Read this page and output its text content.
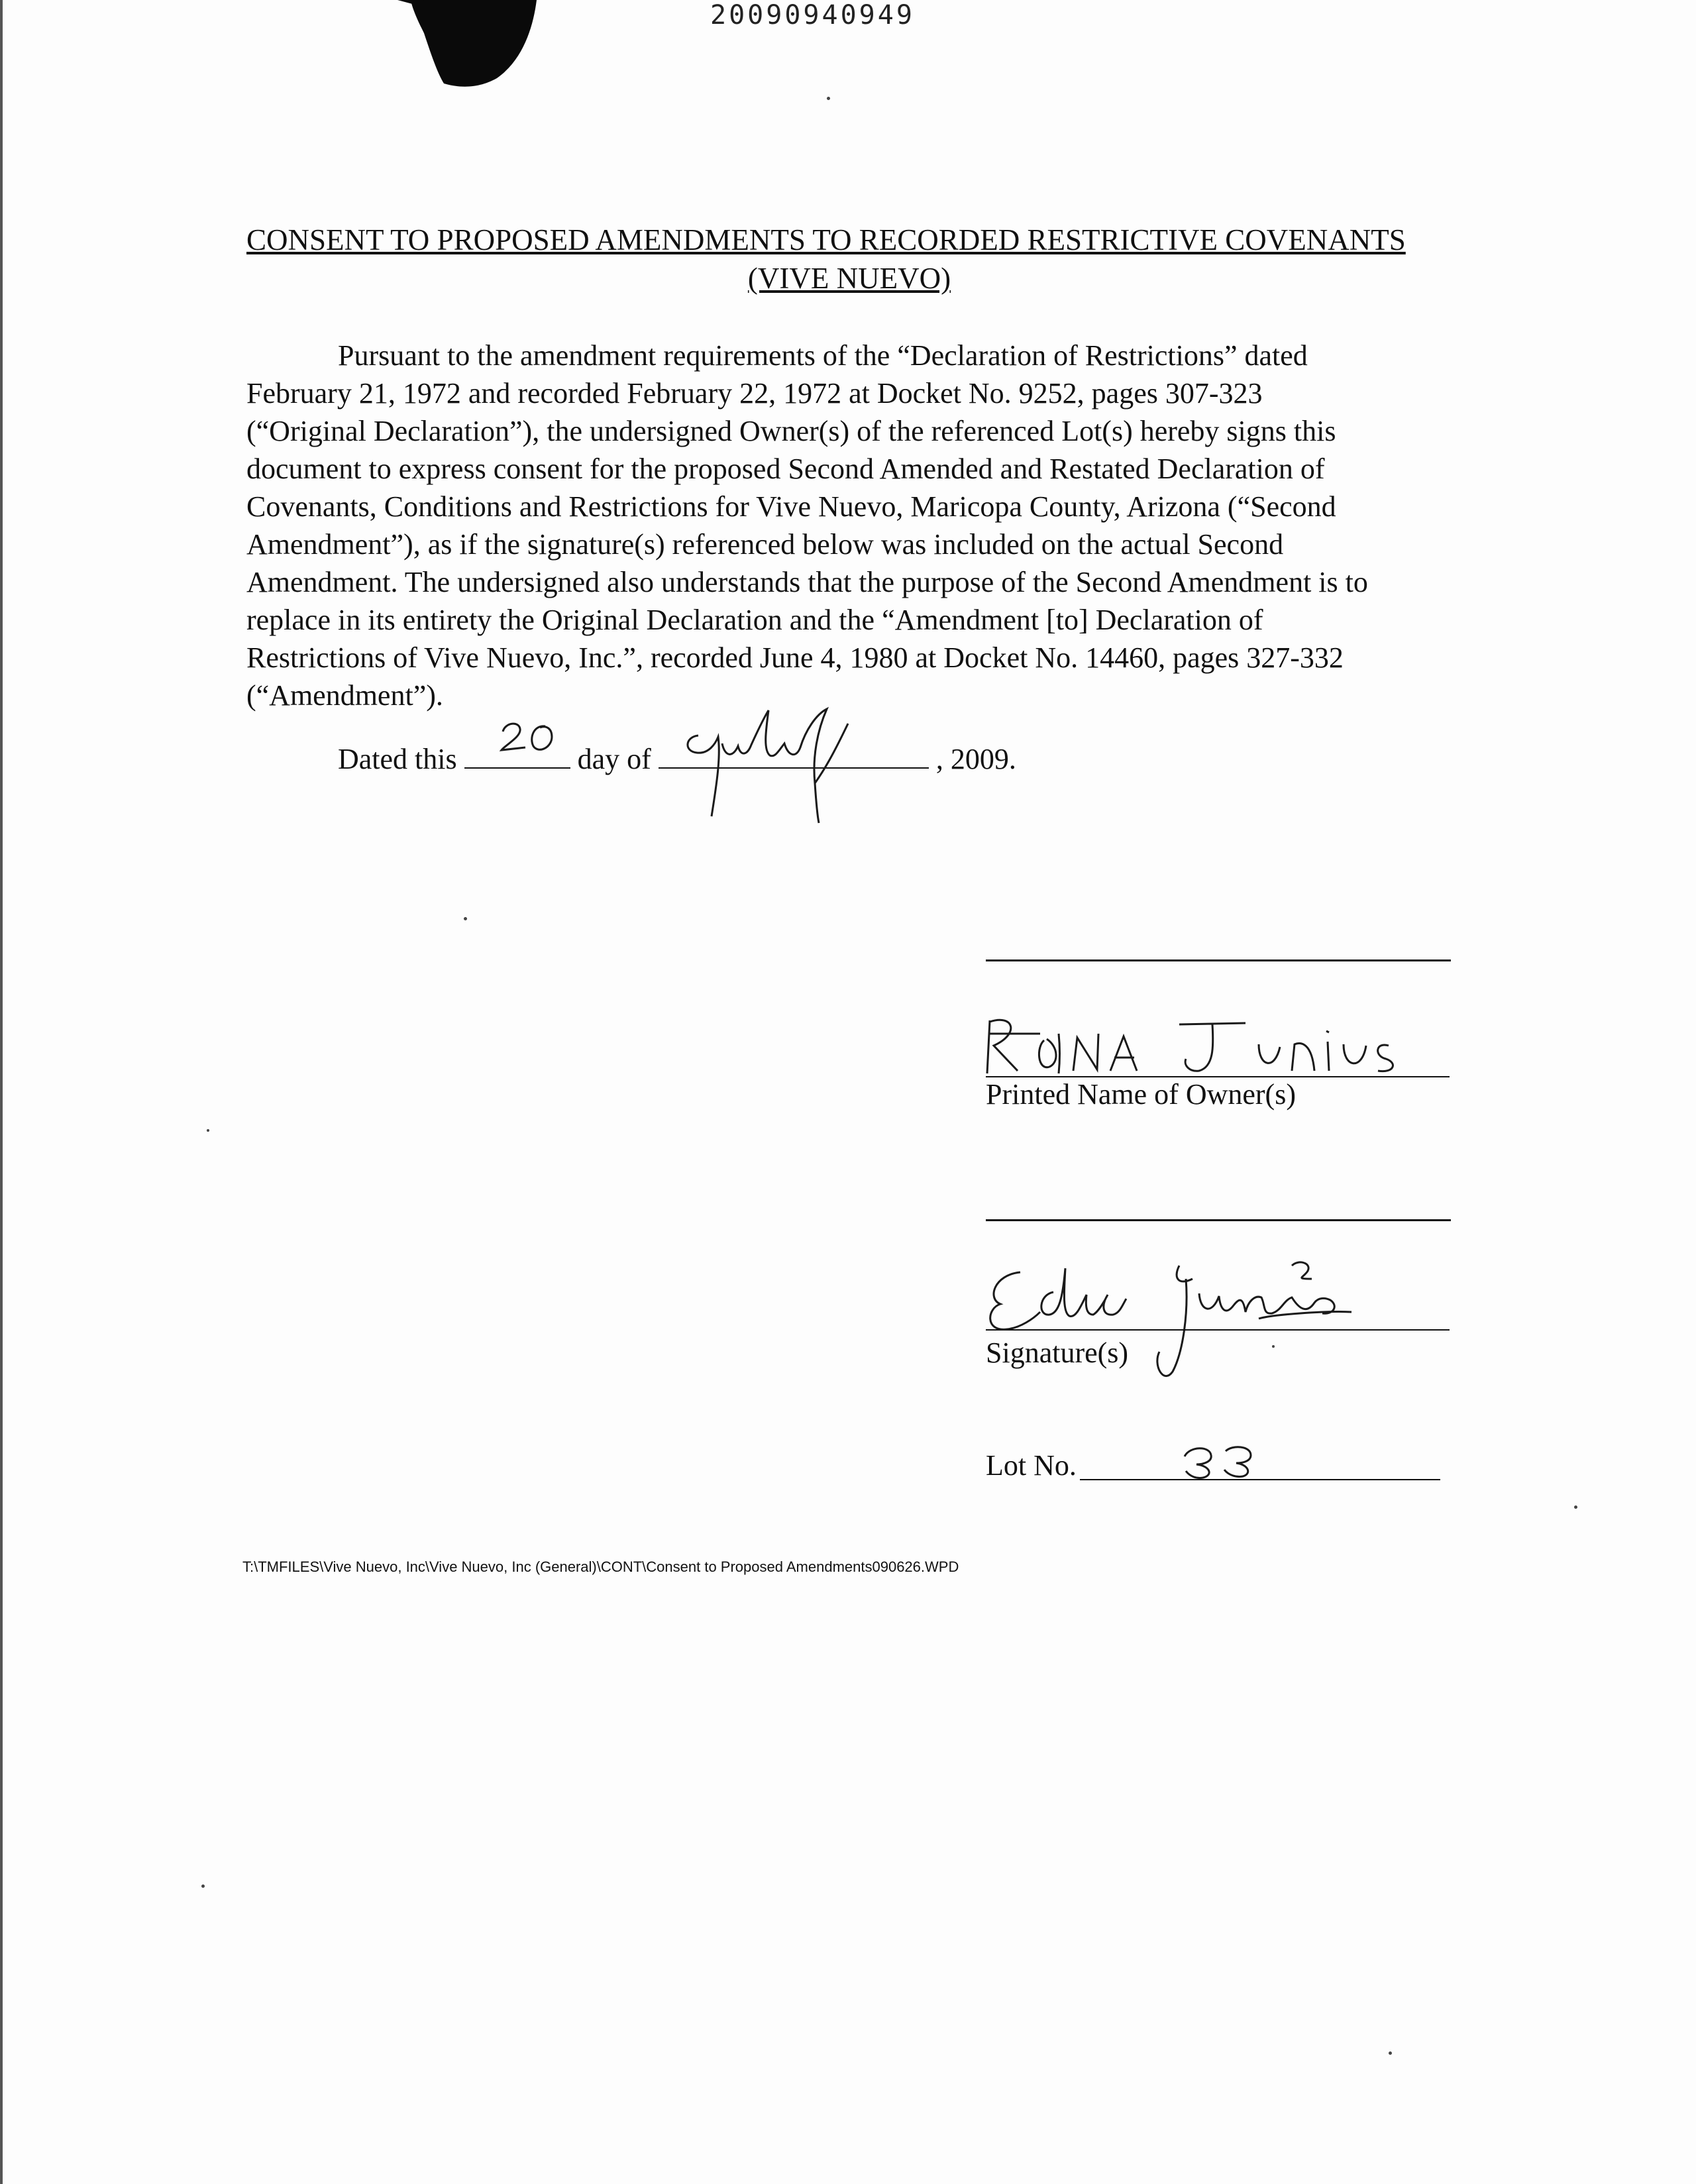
20090940949
CONSENT TO PROPOSED AMENDMENTS TO RECORDED RESTRICTIVE COVENANTS
(VIVE NUEVO)
Pursuant to the amendment requirements of the “Declaration of Restrictions” dated
February 21, 1972 and recorded February 22, 1972 at Docket No. 9252, pages 307-323
(“Original Declaration”), the undersigned Owner(s) of the referenced Lot(s) hereby signs this
document to express consent for the proposed Second Amended and Restated Declaration of
Covenants, Conditions and Restrictions for Vive Nuevo, Maricopa County, Arizona (“Second
Amendment”), as if the signature(s) referenced below was included on the actual Second
Amendment. The undersigned also understands that the purpose of the Second Amendment is to
replace in its entirety the Original Declaration and the “Amendment [to] Declaration of
Restrictions of Vive Nuevo, Inc.”, recorded June 4, 1980 at Docket No. 14460, pages 327-332
(“Amendment”).
Dated this	day of	, 2009.
Printed Name of Owner(s)
Signature(s)
Lot No.
T:\TMFILES\Vive Nuevo, Inc\Vive Nuevo, Inc (General)\CONT\Consent to Proposed Amendments090626.WPD
